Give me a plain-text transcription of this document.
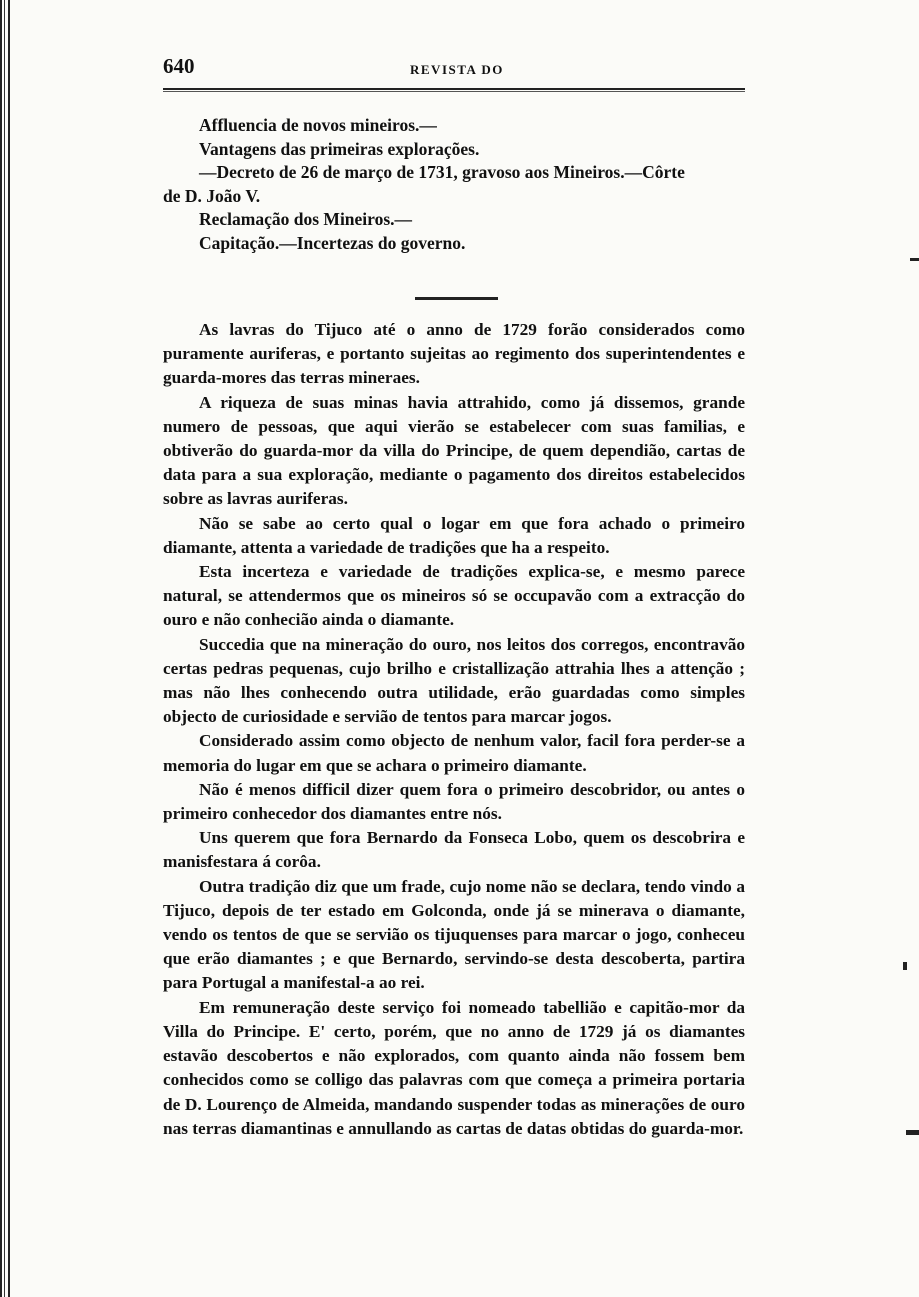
640	REVISTA DO

Affluencia de novos mineiros.—

Vantagens das primeiras explorações.

—Decreto de 26 de março de 1731, gravoso aos Mineiros.—Côrte

de D. João V.

Reclamação dos Mineiros.—

Capitação.—Incertezas do governo.

As lavras do Tijuco até o anno de 1729 forão considerados como puramente auriferas, e portanto sujeitas ao regimento dos superintendentes e guarda-mores das terras mineraes.

A riqueza de suas minas havia attrahido, como já dissemos, grande numero de pessoas, que aqui vierão se estabelecer com suas familias, e obtiverão do guarda-mor da villa do Principe, de quem dependião, cartas de data para a sua exploração, mediante o pagamento dos direitos estabelecidos sobre as lavras auriferas.

Não se sabe ao certo qual o logar em que fora achado o primeiro diamante, attenta a variedade de tradições que ha a respeito.

Esta incerteza e variedade de tradições explica-se, e mesmo parece natural, se attendermos que os mineiros só se occupavão com a extracção do ouro e não conhecião ainda o diamante.

Succedia que na mineração do ouro, nos leitos dos corregos, encontravão certas pedras pequenas, cujo brilho e cristallização attrahia lhes a attenção ; mas não lhes conhecendo outra utilidade, erão guardadas como simples objecto de curiosidade e servião de tentos para marcar jogos.

Considerado assim como objecto de nenhum valor, facil fora perder-se a memoria do lugar em que se achara o primeiro diamante.

Não é menos difficil dizer quem fora o primeiro descobridor, ou antes o primeiro conhecedor dos diamantes entre nós.

Uns querem que fora Bernardo da Fonseca Lobo, quem os descobrira e manisfestara á corôa.

Outra tradição diz que um frade, cujo nome não se declara, tendo vindo a Tijuco, depois de ter estado em Golconda, onde já se minerava o diamante, vendo os tentos de que se servião os tijuquenses para marcar o jogo, conheceu que erão diamantes ; e que Bernardo, servindo-se desta descoberta, partira para Portugal a manifestal-a ao rei.

Em remuneração deste serviço foi nomeado tabellião e capitão-mor da Villa do Principe. E' certo, porém, que no anno de 1729 já os diamantes estavão descobertos e não explorados, com quanto ainda não fossem bem conhecidos como se colligo das palavras com que começa a primeira portaria de D. Lourenço de Almeida, mandando suspender todas as minerações de ouro nas terras diamantinas e annullando as cartas de datas obtidas do guarda-mor.
